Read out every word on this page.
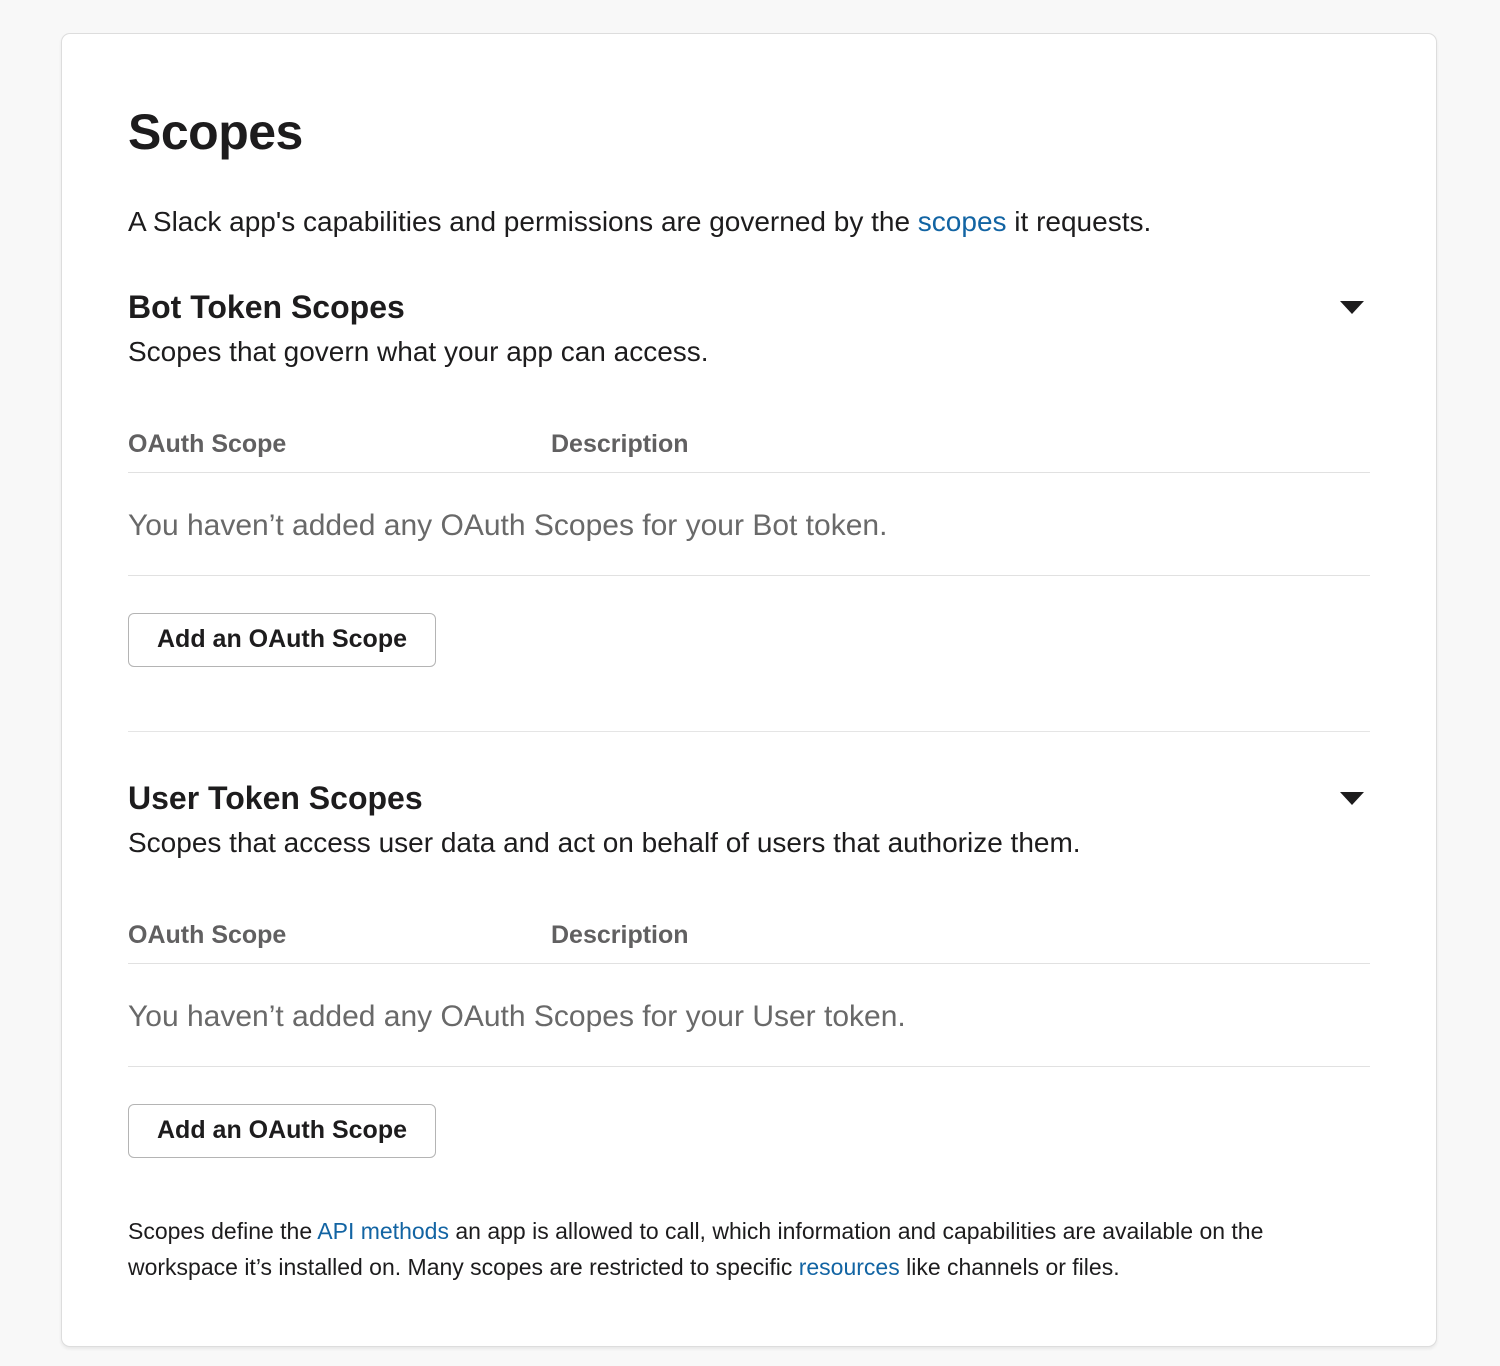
Scopes

A Slack app's capabilities and permissions are governed by the scopes it requests.

Bot Token Scopes

Scopes that govern what your app can access.

OAuth Scope	Description
You haven’t added any OAuth Scopes for your Bot token.
Add an OAuth Scope
User Token Scopes

Scopes that access user data and act on behalf of users that authorize them.

OAuth Scope	Description
You haven’t added any OAuth Scopes for your User token.
Add an OAuth Scope

Scopes define the API methods an app is allowed to call, which information and capabilities are available on the workspace it’s installed on. Many scopes are restricted to specific resources like channels or files.
